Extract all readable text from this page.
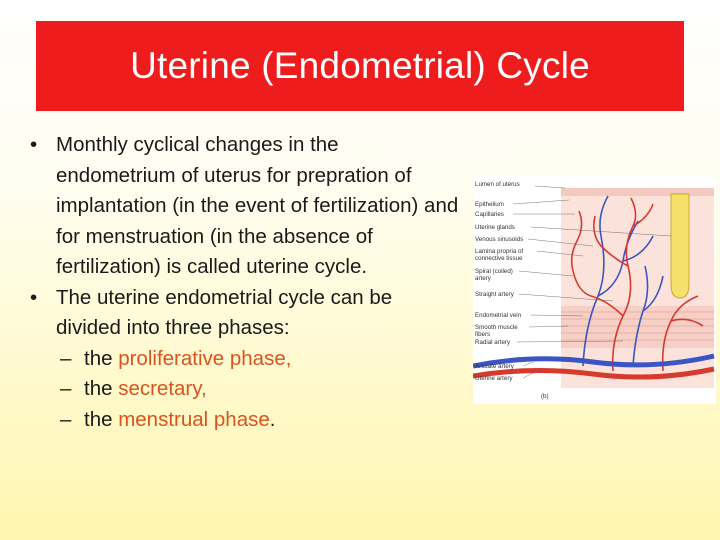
Uterine (Endometrial) Cycle
• Monthly cyclical changes in the endometrium of uterus for prepration of implantation (in the event of fertilization) and for menstruation (in the absence of fertilization) is called uterine cycle.
• The uterine endometrial cycle can be divided into three phases:
– the proliferative phase,
– the secretary,
– the menstrual phase.
Lumen of uterus
Epithelium
Capillaries
Uterine glands
Venous sinusoids
Lamina propria of
connective tissue
Spiral (coiled)
artery
Straight artery
Endometrial vein
Smooth muscle
fibers
Radial artery
Arcuate artery
Uterine artery
(b)
